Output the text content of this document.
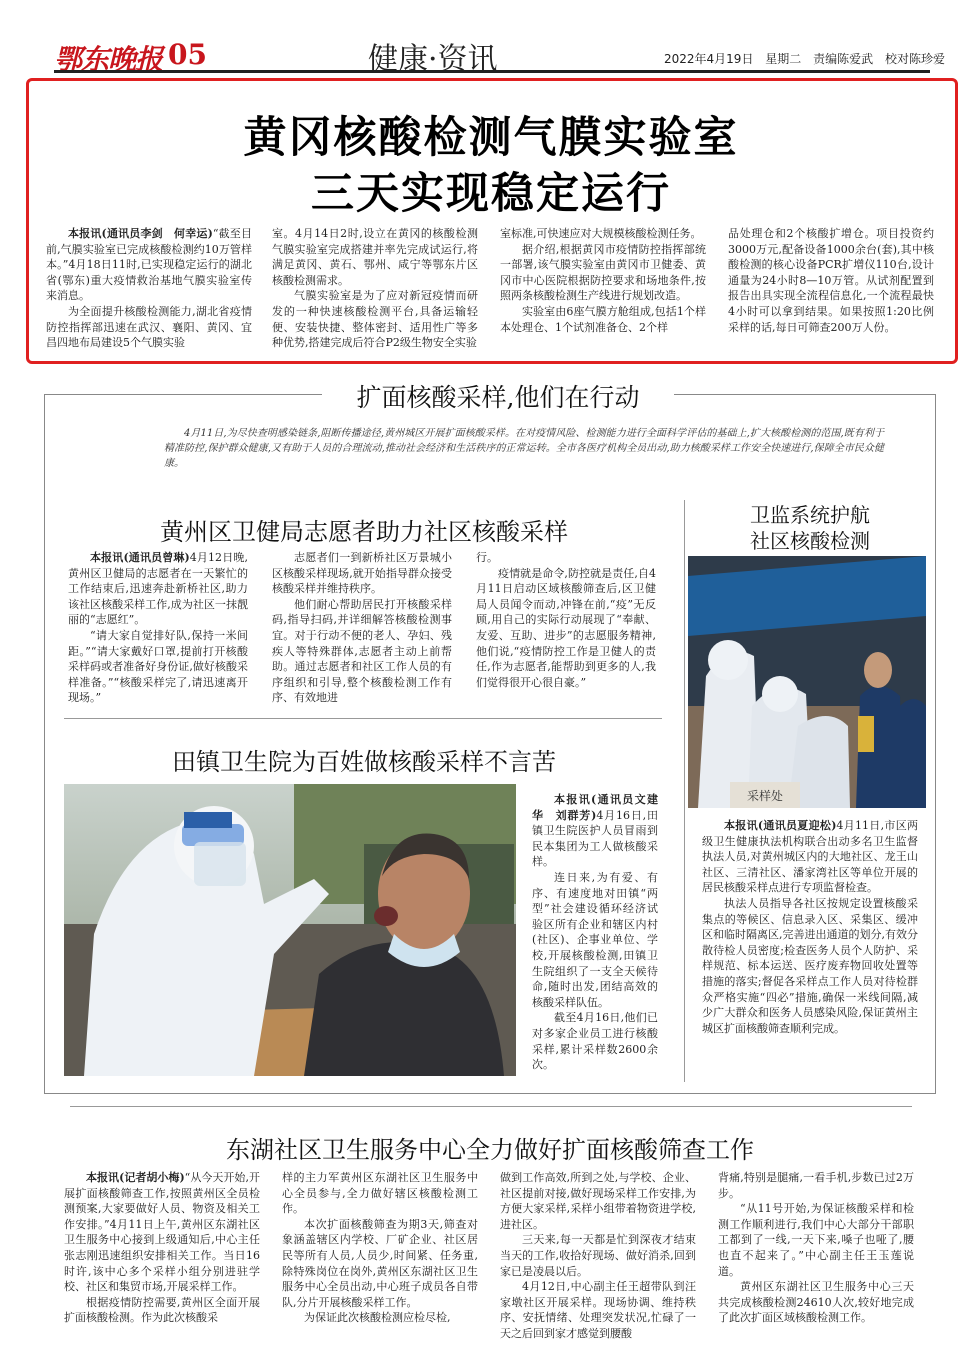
鄂东晚报 05	健康·资讯	2022年4月19日 星期二 责编陈爱武 校对陈珍爱
黄冈核酸检测气膜实验室
三天实现稳定运行

本报讯(通讯员李剑　何幸运)“截至目前,气膜实验室已完成核酸检测约10万管样本。”4月18日11时,已实现稳定运行的湖北省(鄂东)重大疫情救治基地气膜实验室传来消息。

为全面提升核酸检测能力,湖北省疫情防控指挥部迅速在武汉、襄阳、黄冈、宜昌四地布局建设5个气膜实验

室。4月14日2时,设立在黄冈的核酸检测气膜实验室完成搭建并率先完成试运行,将满足黄冈、黄石、鄂州、咸宁等鄂东片区核酸检测需求。

气膜实验室是为了应对新冠疫情而研发的一种快速核酸检测平台,具备运输轻便、安装快捷、整体密封、适用性广等多种优势,搭建完成后符合P2级生物安全实验

室标准,可快速应对大规模核酸检测任务。

据介绍,根据黄冈市疫情防控指挥部统一部署,该气膜实验室由黄冈市卫健委、黄冈市中心医院根据防控要求和场地条件,按照两条核酸检测生产线进行规划改造。

实验室由6座气膜方舱组成,包括1个样本处理仓、1个试剂准备仓、2个样

品处理仓和2个核酸扩增仓。项目投资约3000万元,配备设备1000余台(套),其中核酸检测的核心设备PCR扩增仪110台,设计通量为24小时8—10万管。从试剂配置到报告出具实现全流程信息化,一个流程最快4小时可以拿到结果。如果按照1:20比例采样的话,每日可筛查200万人份。

扩面核酸采样,他们在行动
4月11日,为尽快查明感染链条,阻断传播途径,黄州城区开展扩面核酸采样。在对疫情风险、检测能力进行全面科学评估的基础上,扩大核酸检测的范围,既有利于精准防控,保护群众健康,又有助于人员的合理流动,推动社会经济和生活秩序的正常运转。全市各医疗机构全员出动,助力核酸采样工作安全快速进行,保障全市民众健康。
黄州区卫健局志愿者助力社区核酸采样

本报讯(通讯员曾琳)4月12日晚,黄州区卫健局的志愿者在一天繁忙的工作结束后,迅速奔赴新桥社区,助力该社区核酸采样工作,成为社区一抹靓丽的“志愿红”。

“请大家自觉排好队,保持一米间距。”“请大家戴好口罩,提前打开核酸采样码或者准备好身份证,做好核酸采样准备。”“核酸采样完了,请迅速离开现场。”

志愿者们一到新桥社区万景城小区核酸采样现场,就开始指导群众接受核酸采样并维持秩序。

他们耐心帮助居民打开核酸采样码,指导扫码,并详细解答核酸检测事宜。对于行动不便的老人、孕妇、残疾人等特殊群体,志愿者主动上前帮助。通过志愿者和社区工作人员的有序组织和引导,整个核酸检测工作有序、有效地进

行。

疫情就是命令,防控就是责任,自4月11日启动区域核酸筛查后,区卫健局人员闻令而动,冲锋在前,“疫”无反顾,用自己的实际行动展现了“奉献、友爱、互助、进步”的志愿服务精神,他们说,“疫情防控工作是卫健人的责任,作为志愿者,能帮助到更多的人,我们觉得很开心很自豪。”

田镇卫生院为百姓做核酸采样不言苦

本报讯(通讯员文建华　刘群芳)4月16日,田镇卫生院医护人员冒雨到民本集团为工人做核酸采样。

连日来,为有爱、有序、有速度地对田镇“两型”社会建设循环经济试验区所有企业和辖区内村(社区)、企事业单位、学校,开展核酸检测,田镇卫生院组织了一支全天候待命,随时出发,团结高效的核酸采样队伍。

截至4月16日,他们已对多家企业员工进行核酸采样,累计采样数2600余次。

卫监系统护航
社区核酸检测
采样处

本报讯(通讯员夏迎松)4月11日,市区两级卫生健康执法机构联合出动多名卫生监督执法人员,对黄州城区内的大地社区、龙王山社区、三清社区、潘家湾社区等单位开展的居民核酸采样点进行专项监督检查。

执法人员指导各社区按规定设置核酸采集点的等候区、信息录入区、采集区、缓冲区和临时隔离区,完善进出通道的划分,有效分散待检人员密度;检查医务人员个人防护、采样规范、标本运送、医疗废弃物回收处置等措施的落实;督促各采样点工作人员对待检群众严格实施“四必”措施,确保一米线间隔,减少广大群众和医务人员感染风险,保证黄州主城区扩面核酸筛查顺利完成。

东湖社区卫生服务中心全力做好扩面核酸筛查工作

本报讯(记者胡小梅)“从今天开始,开展扩面核酸筛查工作,按照黄州区全员检测预案,大家要做好人员、物资及相关工作安排。”4月11日上午,黄州区东湖社区卫生服务中心接到上级通知后,中心主任张志刚迅速组织安排相关工作。当日16时许,该中心多个采样小组分别进驻学校、社区和集贸市场,开展采样工作。

根据疫情防控需要,黄州区全面开展扩面核酸检测。作为此次核酸采

样的主力军黄州区东湖社区卫生服务中心全员参与,全力做好辖区核酸检测工作。

本次扩面核酸筛查为期3天,筛查对象涵盖辖区内学校、厂矿企业、社区居民等所有人员,人员少,时间紧、任务重,除特殊岗位在岗外,黄州区东湖社区卫生服务中心全员出动,中心班子成员各自带队,分片开展核酸采样工作。

为保证此次核酸检测应检尽检,

做到工作高效,所到之处,与学校、企业、社区提前对接,做好现场采样工作安排,为方便大家采样,采样小组带着物资进学校,进社区。

三天来,每一天都是忙到深夜才结束当天的工作,收拾好现场、做好消杀,回到家已是凌晨以后。

4月12日,中心副主任王超带队到汪家墩社区开展采样。现场协调、维持秩序、安抚情绪、处理突发状况,忙碌了一天之后回到家才感觉到腰酸

背痛,特别是腿痛,一看手机,步数已过2万步。

“从11号开始,为保证核酸采样和检测工作顺利进行,我们中心大部分干部职工都到了一线,一天下来,嗓子也哑了,腰也直不起来了。”中心副主任王玉莲说道。

黄州区东湖社区卫生服务中心三天共完成核酸检测24610人次,较好地完成了此次扩面区域核酸检测工作。
